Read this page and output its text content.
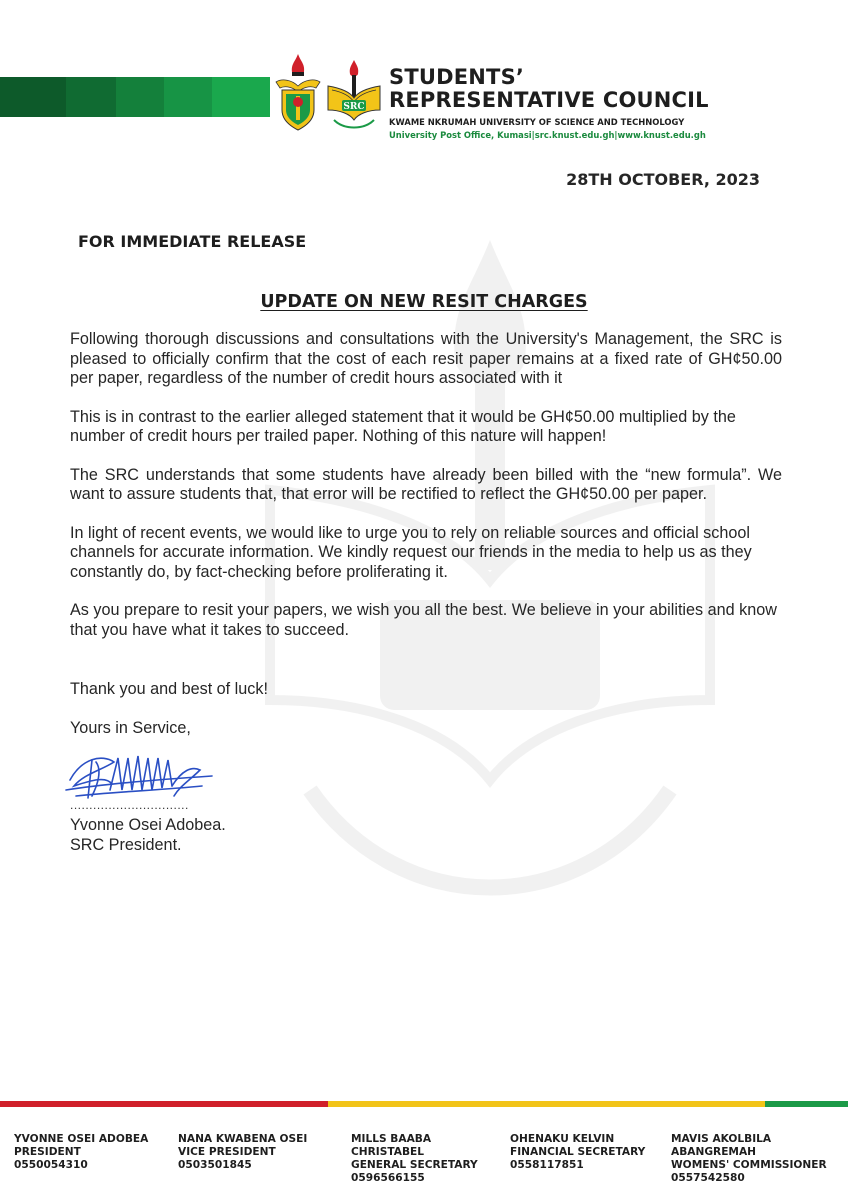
SRC
STUDENTS’
REPRESENTATIVE COUNCIL
KWAME NKRUMAH UNIVERSITY OF SCIENCE AND TECHNOLOGY
University Post Office, Kumasi|src.knust.edu.gh|www.knust.edu.gh
28TH OCTOBER, 2023
FOR IMMEDIATE RELEASE
UPDATE ON NEW RESIT CHARGES

Following thorough discussions and consultations with the University's Management, the SRC is pleased to officially confirm that the cost of each resit paper remains at a fixed rate of GH¢50.00 per paper, regardless of the number of credit hours associated with it

This is in contrast to the earlier alleged statement that it would be GH¢50.00 multiplied by the number of credit hours per trailed paper. Nothing of this nature will happen!

The SRC understands that some students have already been billed with the “new formula”. We want to assure students that, that error will be rectified to reflect the GH¢50.00 per paper.

In light of recent events, we would like to urge you to rely on reliable sources and official school channels for accurate information. We kindly request our friends in the media to help us as they constantly do, by fact-checking before proliferating it.

As you prepare to resit your papers, we wish you all the best. We believe in your abilities and know that you have what it takes to succeed.

Thank you and best of luck!
Yours in Service,
...............................
Yvonne Osei Adobea.
SRC President.
YVONNE OSEI ADOBEA
PRESIDENT
0550054310
NANA KWABENA OSEI
VICE PRESIDENT
0503501845
MILLS BAABA
CHRISTABEL
GENERAL SECRETARY
0596566155
OHENAKU KELVIN
FINANCIAL SECRETARY
0558117851
MAVIS AKOLBILA
ABANGREMAH
WOMENS' COMMISSIONER
0557542580
